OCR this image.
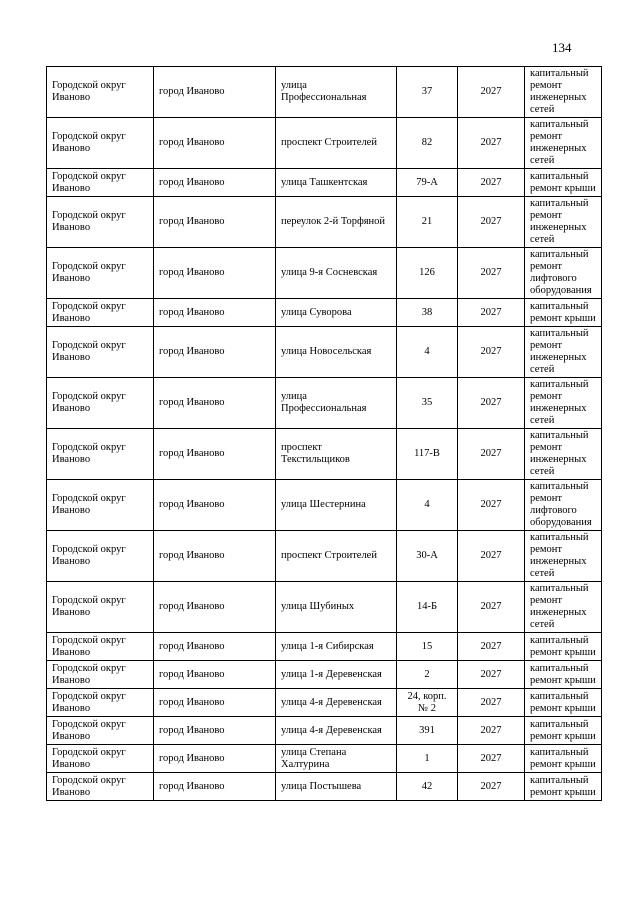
134
Городской округ Иваново	город Иваново	улица Профессиональная	37	2027	капитальный ремонт инженерных сетей
Городской округ Иваново	город Иваново	проспект Строителей	82	2027	капитальный ремонт инженерных сетей
Городской округ Иваново	город Иваново	улица Ташкентская	79-А	2027	капитальный ремонт крыши
Городской округ Иваново	город Иваново	переулок 2-й Торфяной	21	2027	капитальный ремонт инженерных сетей
Городской округ Иваново	город Иваново	улица 9-я Сосневская	126	2027	капитальный ремонт лифтового оборудования
Городской округ Иваново	город Иваново	улица Суворова	38	2027	капитальный ремонт крыши
Городской округ Иваново	город Иваново	улица Новосельская	4	2027	капитальный ремонт инженерных сетей
Городской округ Иваново	город Иваново	улица Профессиональная	35	2027	капитальный ремонт инженерных сетей
Городской округ Иваново	город Иваново	проспект Текстильщиков	117-В	2027	капитальный ремонт инженерных сетей
Городской округ Иваново	город Иваново	улица Шестернина	4	2027	капитальный ремонт лифтового оборудования
Городской округ Иваново	город Иваново	проспект Строителей	30-А	2027	капитальный ремонт инженерных сетей
Городской округ Иваново	город Иваново	улица Шубиных	14-Б	2027	капитальный ремонт инженерных сетей
Городской округ Иваново	город Иваново	улица 1-я Сибирская	15	2027	капитальный ремонт крыши
Городской округ Иваново	город Иваново	улица 1-я Деревенская	2	2027	капитальный ремонт крыши
Городской округ Иваново	город Иваново	улица 4-я Деревенская	24, корп. № 2	2027	капитальный ремонт крыши
Городской округ Иваново	город Иваново	улица 4-я Деревенская	391	2027	капитальный ремонт крыши
Городской округ Иваново	город Иваново	улица Степана Халтурина	1	2027	капитальный ремонт крыши
Городской округ Иваново	город Иваново	улица Постышева	42	2027	капитальный ремонт крыши
